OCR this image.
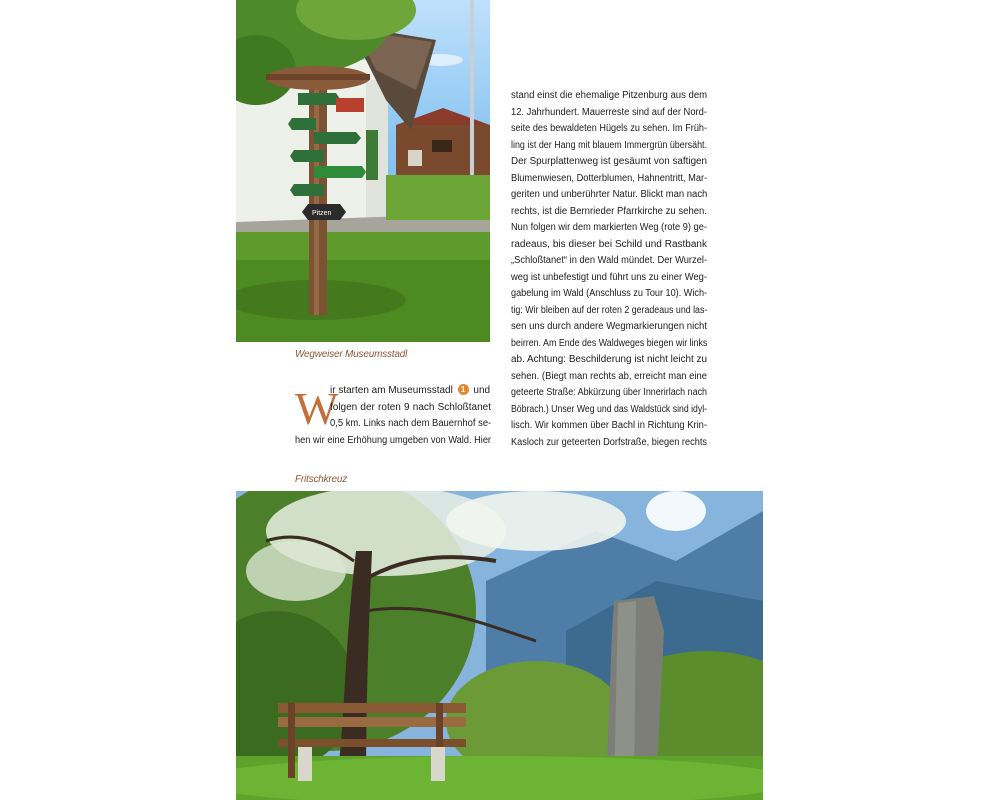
Pitzen
Wegweiser Museumsstadl
W
ir starten am Museumsstadl 1 und
folgen der roten 9 nach Schloßtanet
0,5 km. Links nach dem Bauernhof se-
hen wir eine Erhöhung umgeben von Wald. Hier
stand einst die ehemalige Pitzenburg aus dem
12. Jahrhundert. Mauerreste sind auf der Nord-
seite des bewaldeten Hügels zu sehen. Im Früh-
ling ist der Hang mit blauem Immergrün übersäht.
Der Spurplattenweg ist gesäumt von saftigen
Blumenwiesen, Dotterblumen, Hahnentritt, Mar-
geriten und unberührter Natur. Blickt man nach
rechts, ist die Bernrieder Pfarrkirche zu sehen.
Nun folgen wir dem markierten Weg (rote 9) ge-
radeaus, bis dieser bei Schild und Rastbank
„Schloßtanet“ in den Wald mündet. Der Wurzel-
weg ist unbefestigt und führt uns zu einer Weg-
gabelung im Wald (Anschluss zu Tour 10). Wich-
tig: Wir bleiben auf der roten 2 geradeaus und las-
sen uns durch andere Wegmarkierungen nicht
beirren. Am Ende des Waldweges biegen wir links
ab. Achtung: Beschilderung ist nicht leicht zu
sehen. (Biegt man rechts ab, erreicht man eine
geteerte Straße: Abkürzung über Innerirlach nach
Böbrach.) Unser Weg und das Waldstück sind idyl-
lisch. Wir kommen über Bachl in Richtung Krin-
Kasloch zur geteerten Dorfstraße, biegen rechts
Fritschkreuz
